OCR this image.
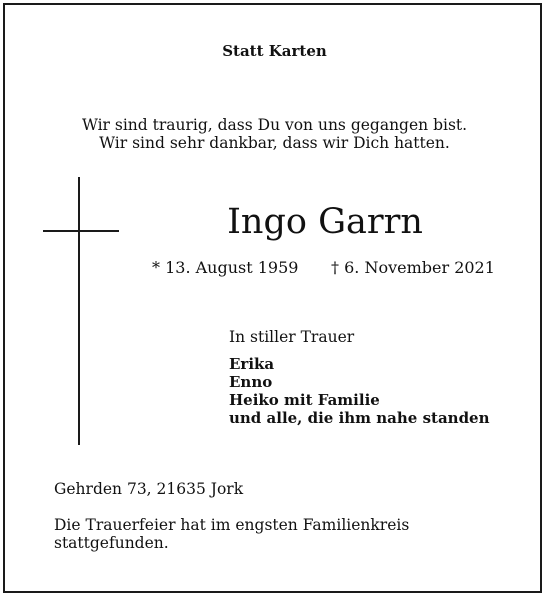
Statt Karten
Wir sind traurig, dass Du von uns gegangen bist.
Wir sind sehr dankbar, dass wir Dich hatten.
Ingo Garrn
* 13. August 1959 † 6. November 2021
In stiller Trauer
Erika
Enno
Heiko mit Familie
und alle, die ihm nahe standen
Gehrden 73, 21635 Jork
Die Trauerfeier hat im engsten Familienkreis
stattgefunden.
